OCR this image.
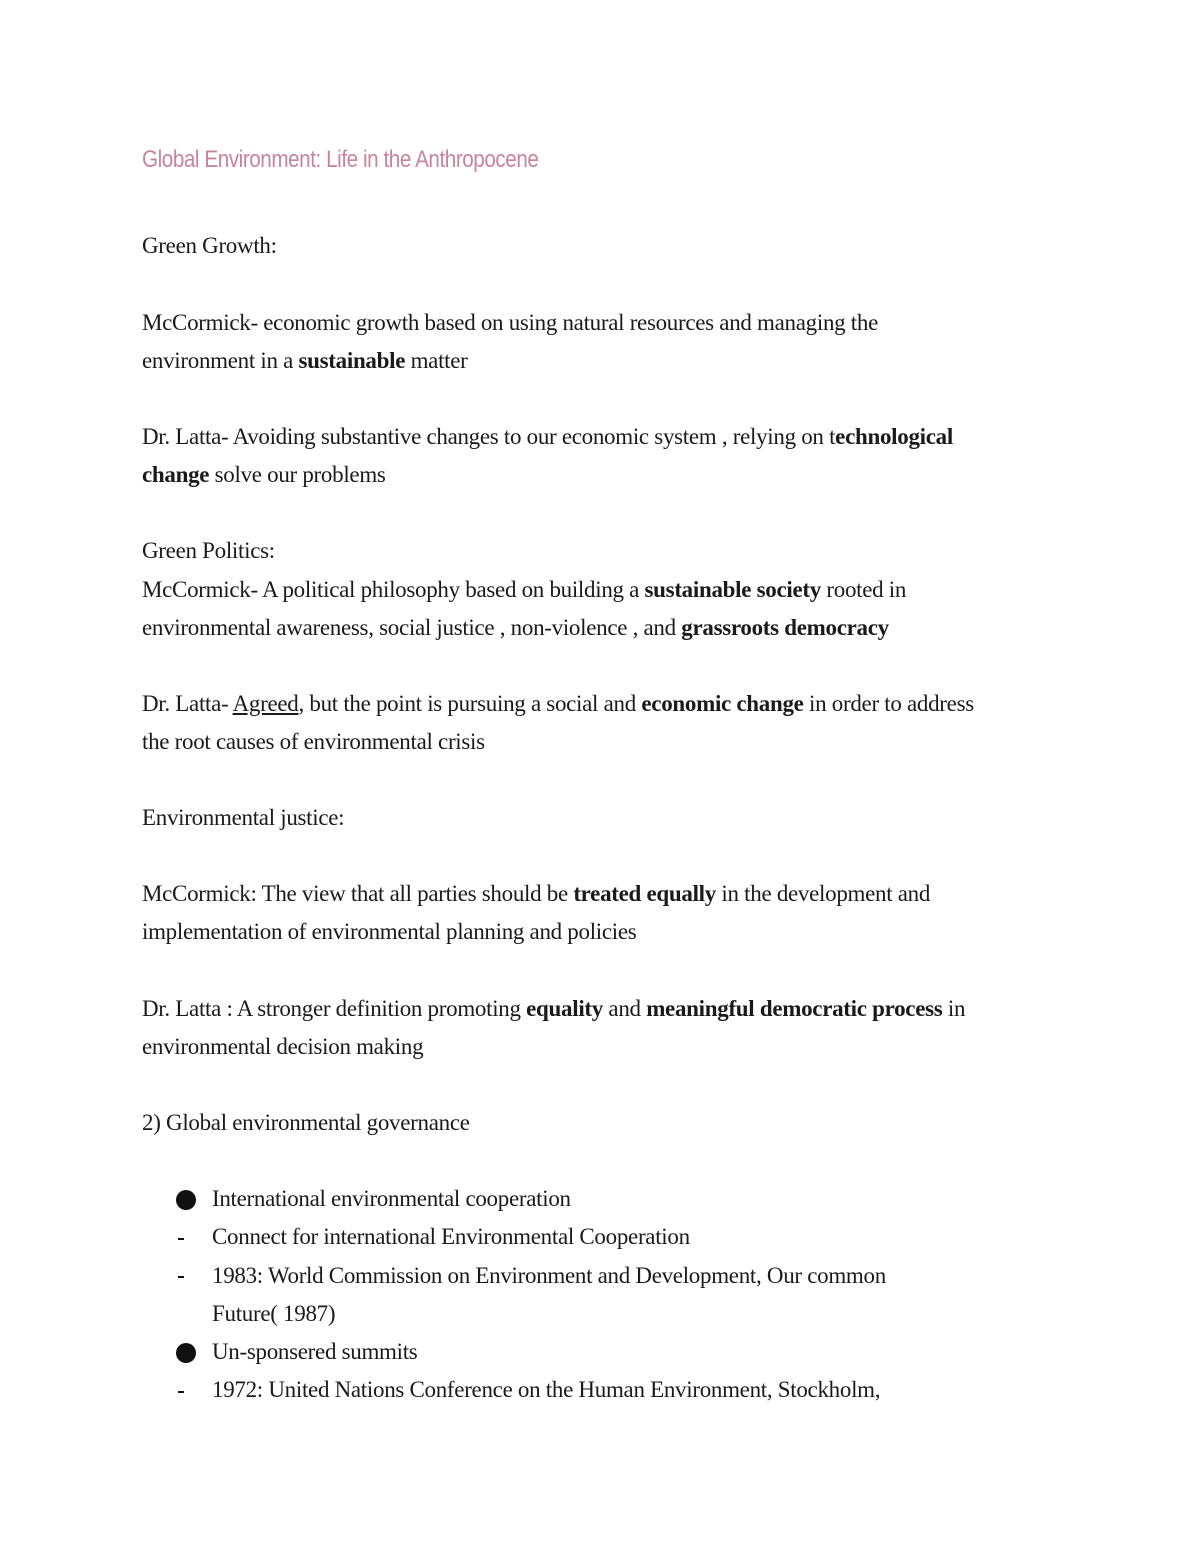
Global Environment: Life in the Anthropocene
Green Growth:
McCormick- economic growth based on using natural resources and managing the
environment in a sustainable matter
Dr. Latta- Avoiding substantive changes to our economic system , relying on technological
change solve our problems
Green Politics:
McCormick- A political philosophy based on building a sustainable society rooted in
environmental awareness, social justice , non-violence , and grassroots democracy
Dr. Latta- Agreed, but the point is pursuing a social and economic change in order to address
the root causes of environmental crisis
Environmental justice:
McCormick: The view that all parties should be treated equally in the development and
implementation of environmental planning and policies
Dr. Latta : A stronger definition promoting equality and meaningful democratic process in
environmental decision making
2) Global environmental governance
International environmental cooperation
Connect for international Environmental Cooperation
1983: World Commission on Environment and Development, Our common
Future( 1987)
Un-sponsered summits
1972: United Nations Conference on the Human Environment, Stockholm,
